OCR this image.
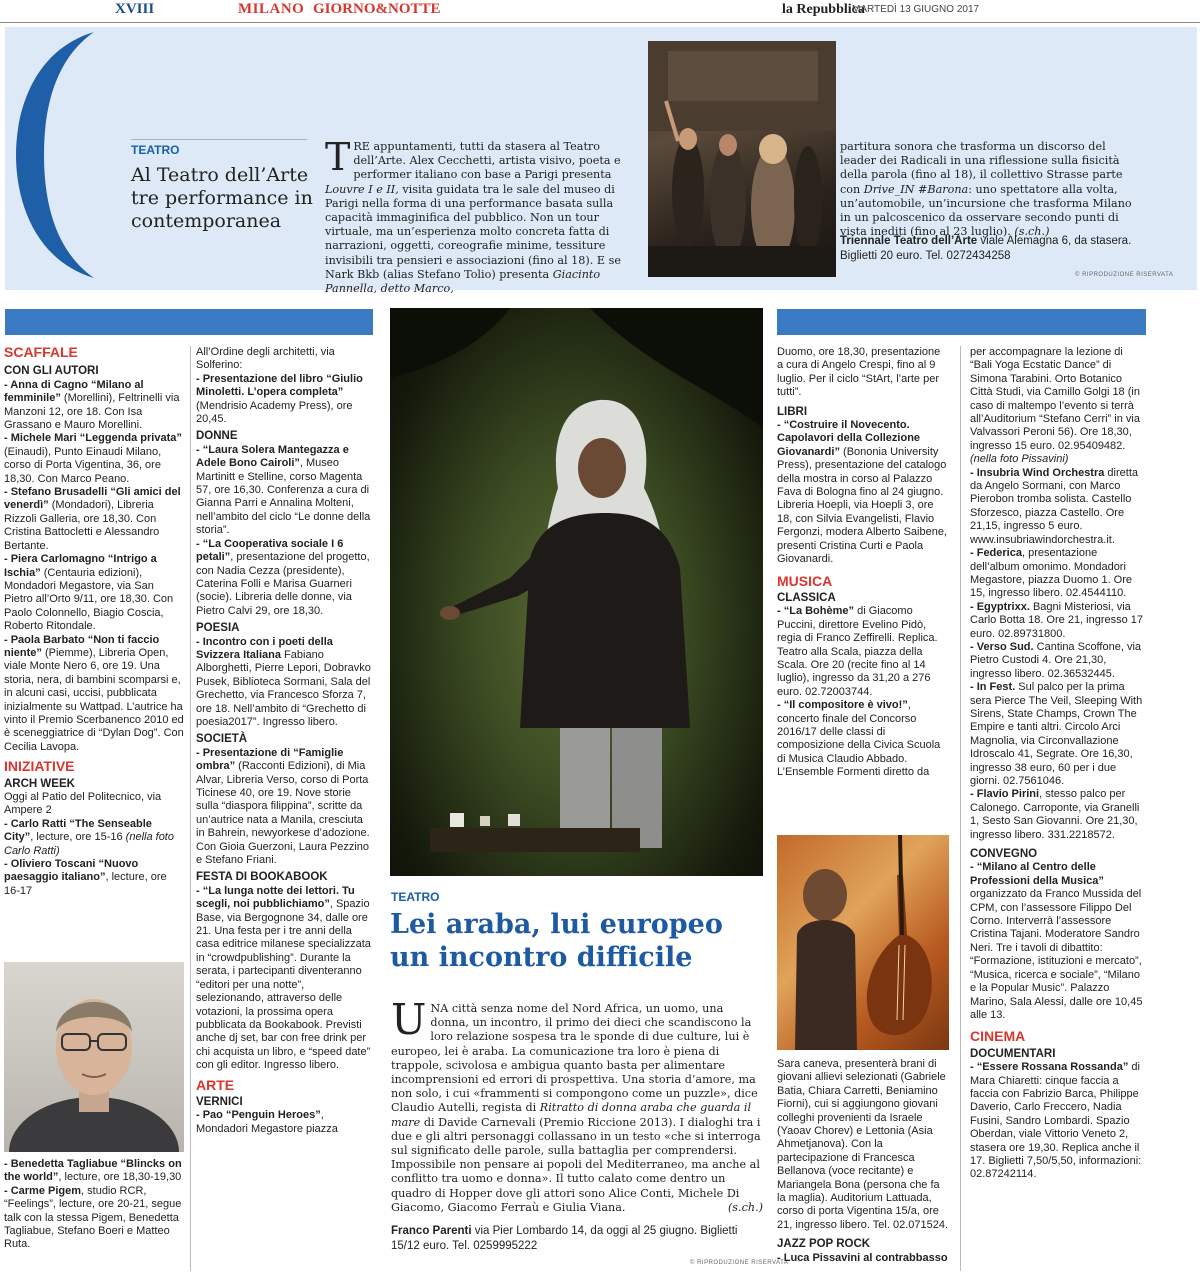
XVIII	MILANO GIORNO&NOTTE	la Repubblica
MARTEDÌ 13 GIUGNO 2017
TEATRO
Al Teatro dell’Arte tre performance in contemporanea
TRE appuntamenti, tutti da stasera al Teatro dell’Arte. Alex Cecchetti, artista visivo, poeta e performer italiano con base a Parigi presenta Louvre I e II, visita guidata tra le sale del museo di Parigi nella forma di una performance basata sulla capacità immaginifica del pubblico. Non un tour virtuale, ma un’esperienza molto concreta fatta di narrazioni, oggetti, coreografie minime, tessiture invisibili tra pensieri e associazioni (fino al 18). E se Nark Bkb (alias Stefano Tolio) presenta Giacinto Pannella, detto Marco,
partitura sonora che trasforma un discorso del leader dei Radicali in una riflessione sulla fisicità della parola (fino al 18), il collettivo Strasse parte con Drive_IN #Barona: uno spettatore alla volta, un’automobile, un’incursione che trasforma Milano in un palcoscenico da osservare secondo punti di vista inediti (fino al 23 luglio). (s.ch.)
Triennale Teatro dell’Arte viale Alemagna 6, da stasera. Biglietti 20 euro. Tel. 0272434258
© RIPRODUZIONE RISERVATA
SCAFFALE
CON GLI AUTORI
- Anna di Cagno “Milano al femminile” (Morellini), Feltrinelli via Manzoni 12, ore 18. Con Isa Grassano e Mauro Morellini.
- Michele Mari “Leggenda privata” (Einaudi), Punto Einaudi Milano, corso di Porta Vigentina, 36, ore 18,30. Con Marco Peano.
- Stefano Brusadelli “Gli amici del venerdì” (Mondadori), Libreria Rizzoli Galleria, ore 18,30. Con Cristina Battocletti e Alessandro Bertante.
- Piera Carlomagno “Intrigo a Ischia” (Centauria edizioni), Mondadori Megastore, via San Pietro all’Orto 9/11, ore 18,30. Con Paolo Colonnello, Biagio Coscia, Roberto Ritondale.
- Paola Barbato “Non ti faccio niente” (Piemme), Libreria Open, viale Monte Nero 6, ore 19. Una storia, nera, di bambini scomparsi e, in alcuni casi, uccisi, pubblicata inizialmente su Wattpad. L’autrice ha vinto il Premio Scerbanenco 2010 ed è sceneggiatrice di “Dylan Dog”. Con Cecilia Lavopa.
INIZIATIVE
ARCH WEEK
Oggi al Patio del Politecnico, via Ampere 2
- Carlo Ratti “The Senseable City”, lecture, ore 15-16 (nella foto Carlo Ratti)
- Oliviero Toscani “Nuovo paesaggio italiano”, lecture, ore 16-17
- Benedetta Tagliabue “Blincks on the world”, lecture, ore 18,30-19,30
- Carme Pigem, studio RCR, “Feelings”, lecture, ore 20-21, segue talk con la stessa Pigem, Benedetta Tagliabue, Stefano Boeri e Matteo Ruta.
All’Ordine degli architetti, via Solferino:
- Presentazione del libro “Giulio Minoletti. L’opera completa” (Mendrisio Academy Press), ore 20,45.
DONNE
- “Laura Solera Mantegazza e Adele Bono Cairoli”, Museo Martinitt e Stelline, corso Magenta 57, ore 16,30. Conferenza a cura di Gianna Parri e Annalina Molteni, nell’ambito del ciclo “Le donne della storia”.
- “La Cooperativa sociale I 6 petali”, presentazione del progetto, con Nadia Cezza (presidente), Caterina Folli e Marisa Guarneri (socie). Libreria delle donne, via Pietro Calvi 29, ore 18,30.
POESIA
- Incontro con i poeti della Svizzera Italiana Fabiano Alborghetti, Pierre Lepori, Dobravko Pusek, Biblioteca Sormani, Sala del Grechetto, via Francesco Sforza 7, ore 18. Nell’ambito di “Grechetto di poesia2017”. Ingresso libero.
SOCIETÀ
- Presentazione di “Famiglie ombra” (Racconti Edizioni), di Mia Alvar, Libreria Verso, corso di Porta Ticinese 40, ore 19. Nove storie sulla “diaspora filippina”, scritte da un’autrice nata a Manila, cresciuta in Bahrein, newyorkese d’adozione. Con Gioia Guerzoni, Laura Pezzino e Stefano Friani.
FESTA DI BOOKABOOK
- “La lunga notte dei lettori. Tu scegli, noi pubblichiamo”, Spazio Base, via Bergognone 34, dalle ore 21. Una festa per i tre anni della casa editrice milanese specializzata in “crowdpublishing”. Durante la serata, i partecipanti diventeranno “editori per una notte”, selezionando, attraverso delle votazioni, la prossima opera pubblicata da Bookabook. Previsti anche dj set, bar con free drink per chi acquista un libro, e “speed date” con gli editor. Ingresso libero.
ARTE
VERNICI
- Pao “Penguin Heroes”, Mondadori Megastore piazza
TEATRO
Lei araba, lui europeo un incontro difficile
UNA città senza nome del Nord Africa, un uomo, una donna, un incontro, il primo dei dieci che scandiscono la loro relazione sospesa tra le sponde di due culture, lui è europeo, lei è araba. La comunicazione tra loro è piena di trappole, scivolosa e ambigua quanto basta per alimentare incomprensioni ed errori di prospettiva. Una storia d’amore, ma non solo, i cui «frammenti si compongono come un puzzle», dice Claudio Autelli, regista di Ritratto di donna araba che guarda il mare di Davide Carnevali (Premio Riccione 2013). I dialoghi tra i due e gli altri personaggi collassano in un testo «che si interroga sul significato delle parole, sulla battaglia per comprendersi. Impossibile non pensare ai popoli del Mediterraneo, ma anche al conflitto tra uomo e donna». Il tutto calato come dentro un quadro di Hopper dove gli attori sono Alice Conti, Michele Di Giacomo, Giacomo Ferraù e Giulia Viana.	(s.ch.)
Franco Parenti via Pier Lombardo 14, da oggi al 25 giugno. Biglietti 15/12 euro. Tel. 0259995222
© RIPRODUZIONE RISERVATA
Duomo, ore 18,30, presentazione a cura di Angelo Crespi, fino al 9 luglio. Per il ciclo “StArt, l’arte per tutti”.
LIBRI
- “Costruire il Novecento. Capolavori della Collezione Giovanardi” (Bononia University Press), presentazione del catalogo della mostra in corso al Palazzo Fava di Bologna fino al 24 giugno. Libreria Hoepli, via Hoepli 3, ore 18, con Silvia Evangelisti, Flavio Fergonzi, modera Alberto Saibene, presenti Cristina Curti e Paola Giovanardi.
MUSICA
CLASSICA
- “La Bohème” di Giacomo Puccini, direttore Evelino Pidò, regia di Franco Zeffirelli. Replica. Teatro alla Scala, piazza della Scala. Ore 20 (recite fino al 14 luglio), ingresso da 31,20 a 276 euro. 02.72003744.
- “Il compositore è vivo!”, concerto finale del Concorso 2016/17 delle classi di composizione della Civica Scuola di Musica Claudio Abbado. L’Ensemble Formenti diretto da
Sara caneva, presenterà brani di giovani allievi selezionati (Gabriele Batia, Chiara Carretti, Beniamino Fiorni), cui si aggiungono giovani colleghi provenienti da Israele (Yaoav Chorev) e Lettonia (Asia Ahmetjanova). Con la partecipazione di Francesca Bellanova (voce recitante) e Mariangela Bona (persona che fa la maglia). Auditorium Lattuada, corso di porta Vigentina 15/a, ore 21, ingresso libero. Tel. 02.071524.
JAZZ POP ROCK
- Luca Pissavini al contrabbasso
per accompagnare la lezione di “Bali Yoga Ecstatic Dance” di Simona Tarabini. Orto Botanico Città Studi, via Camillo Golgi 18 (in caso di maltempo l’evento si terrà all’Auditorium “Stefano Cerri” in via Valvassori Peroni 56). Ore 18,30, ingresso 15 euro. 02.95409482. (nella foto Pissavini)
- Insubria Wind Orchestra diretta da Angelo Sormani, con Marco Pierobon tromba solista. Castello Sforzesco, piazza Castello. Ore 21,15, ingresso 5 euro. www.insubriawindorchestra.it.
- Federica, presentazione dell’album omonimo. Mondadori Megastore, piazza Duomo 1. Ore 15, ingresso libero. 02.4544110.
- Egyptrixx. Bagni Misteriosi, via Carlo Botta 18. Ore 21, ingresso 17 euro. 02.89731800.
- Verso Sud. Cantina Scoffone, via Pietro Custodi 4. Ore 21,30, ingresso libero. 02.36532445.
- In Fest. Sul palco per la prima sera Pierce The Veil, Sleeping With Sirens, State Champs, Crown The Empire e tanti altri. Circolo Arci Magnolia, via Circonvallazione Idroscalo 41, Segrate. Ore 16,30, ingresso 38 euro, 60 per i due giorni. 02.7561046.
- Flavio Pirini, stesso palco per Calonego. Carroponte, via Granelli 1, Sesto San Giovanni. Ore 21,30, ingresso libero. 331.2218572.
CONVEGNO
- “Milano al Centro delle Professioni della Musica” organizzato da Franco Mussida del CPM, con l’assessore Filippo Del Corno. Interverrà l’assessore Cristina Tajani. Moderatore Sandro Neri. Tre i tavoli di dibattito: “Formazione, istituzioni e mercato”, “Musica, ricerca e sociale”, “Milano e la Popular Music”. Palazzo Marino, Sala Alessi, dalle ore 10,45 alle 13.
CINEMA
DOCUMENTARI
- “Essere Rossana Rossanda” di Mara Chiaretti: cinque faccia a faccia con Fabrizio Barca, Philippe Daverio, Carlo Freccero, Nadia Fusini, Sandro Lombardi. Spazio Oberdan, viale Vittorio Veneto 2, stasera ore 19,30. Replica anche il 17. Biglietti 7,50/5,50, informazioni: 02.87242114.
